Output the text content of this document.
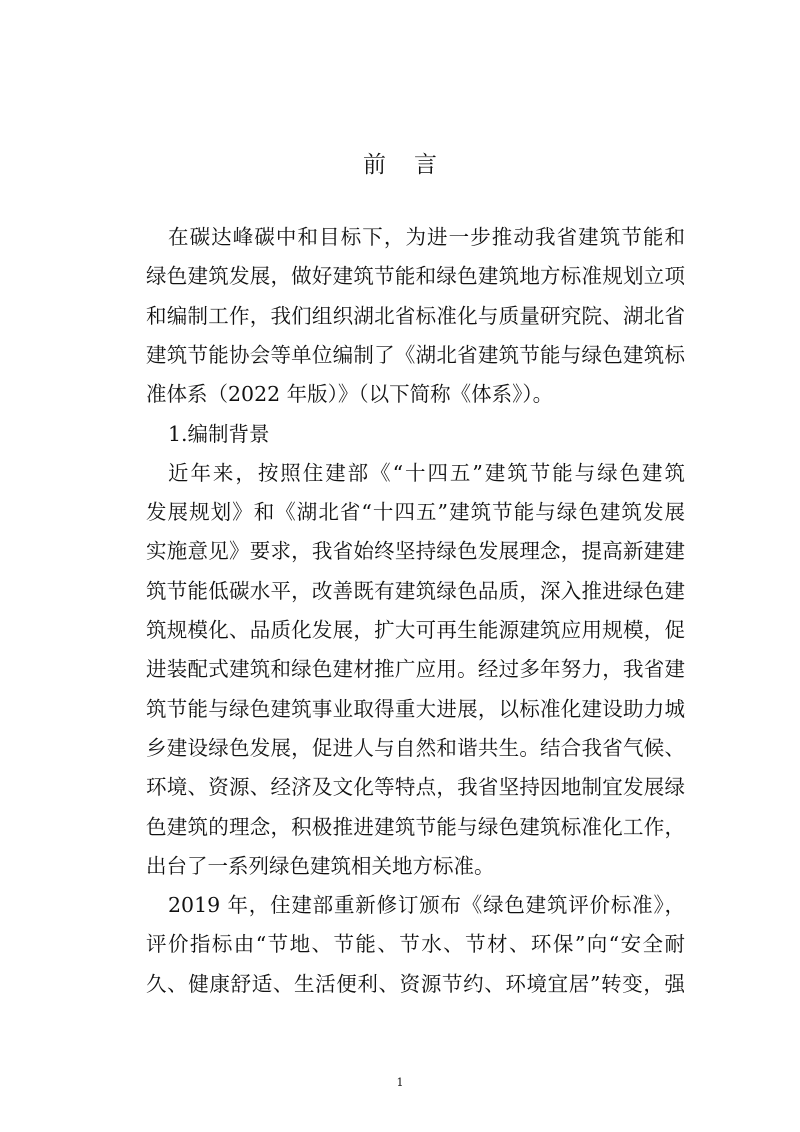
前言
在碳达峰碳中和目标下，为进一步推动我省建筑节能和
绿色建筑发展，做好建筑节能和绿色建筑地方标准规划立项
和编制工作，我们组织湖北省标准化与质量研究院、湖北省
建筑节能协会等单位编制了《湖北省建筑节能与绿色建筑标
准体系（2022 年版）》（以下简称《体系》）。
1.编制背景
近年来，按照住建部《“十四五”建筑节能与绿色建筑
发展规划》和《湖北省“十四五”建筑节能与绿色建筑发展
实施意见》要求，我省始终坚持绿色发展理念，提高新建建
筑节能低碳水平，改善既有建筑绿色品质，深入推进绿色建
筑规模化、品质化发展，扩大可再生能源建筑应用规模，促
进装配式建筑和绿色建材推广应用。经过多年努力，我省建
筑节能与绿色建筑事业取得重大进展，以标准化建设助力城
乡建设绿色发展，促进人与自然和谐共生。结合我省气候、
环境、资源、经济及文化等特点，我省坚持因地制宜发展绿
色建筑的理念，积极推进建筑节能与绿色建筑标准化工作，
出台了一系列绿色建筑相关地方标准。
2019 年，住建部重新修订颁布《绿色建筑评价标准》，
评价指标由“节地、节能、节水、节材、环保”向“安全耐
久、健康舒适、生活便利、资源节约、环境宜居”转变，强
1
